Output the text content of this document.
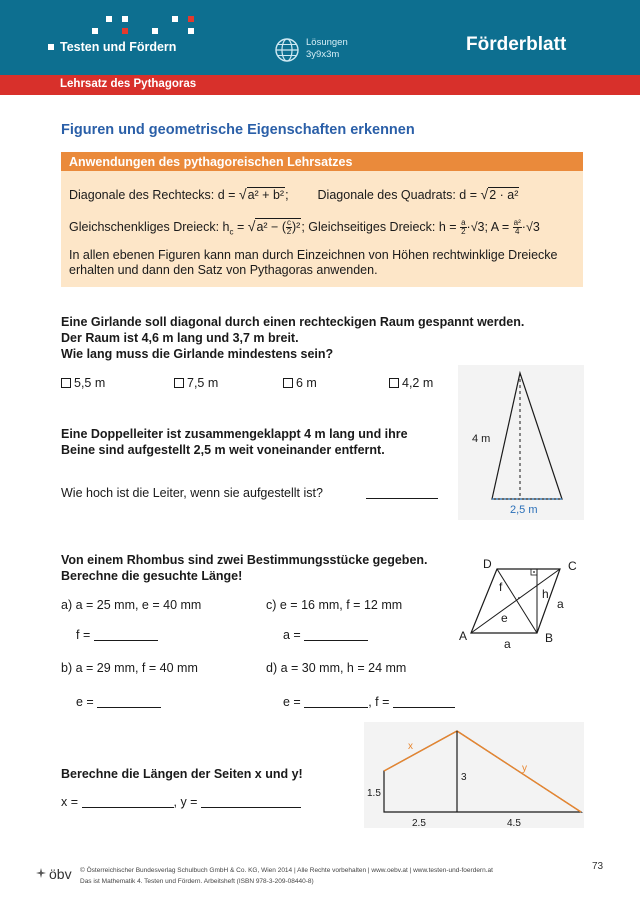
Testen und Fördern	Lösungen
3y9x3m	Förderblatt
Lehrsatz des Pythagoras
Figuren und geometrische Eigenschaften erkennen
Anwendungen des pythagoreischen Lehrsatzes
Diagonale des Rechtecks: d = √a² + b²; Diagonale des Quadrats: d = √2 · a²
Gleichschenkliges Dreieck: $h_c = √a^2$ − ( $\frac{c}{2} )^2$; Gleichseitiges Dreieck: $h = \frac{a}{2} \cdot√3$; $A = \frac{\text{a²}}{4} \cdot√3$
In allen ebenen Figuren kann man durch Einzeichnen von Höhen rechtwinklige Dreiecke
erhalten und dann den Satz von Pythagoras anwenden.
Eine Girlande soll diagonal durch einen rechteckigen Raum gespannt werden.
Der Raum ist 4,6 m lang und 3,7 m breit.
Wie lang muss die Girlande mindestens sein?
5,5 m	7,5 m	6 m	4,2 m
Eine Doppelleiter ist zusammengeklappt 4 m lang und ihre
Beine sind aufgestellt 2,5 m weit voneinander entfernt.
Wie hoch ist die Leiter, wenn sie aufgestellt ist?
4 m
2,5 m
Von einem Rhombus sind zwei Bestimmungsstücke gegeben.
Berechne die gesuchte Länge!
a) a = 25 mm, e = 40 mm	c) e = 16 mm, f = 12 mm
f =	a =
b) a = 29 mm, f = 40 mm	d) a = 30 mm, h = 24 mm
e =	e =	, f =
D	C
A	B
f
e
h
a
a
Berechne die Längen der Seiten x und y!
x =	, y =
x
y
1.5
3
2.5	4.5
öbv © Österreichischer Bundesverlag Schulbuch GmbH & Co. KG, Wien 2014 | Alle Rechte vorbehalten | www.oebv.at | www.testen-und-foerdern.at
Das ist Mathematik 4. Testen und Fördern. Arbeitsheft (ISBN 978-3-209-08440-8)
73
